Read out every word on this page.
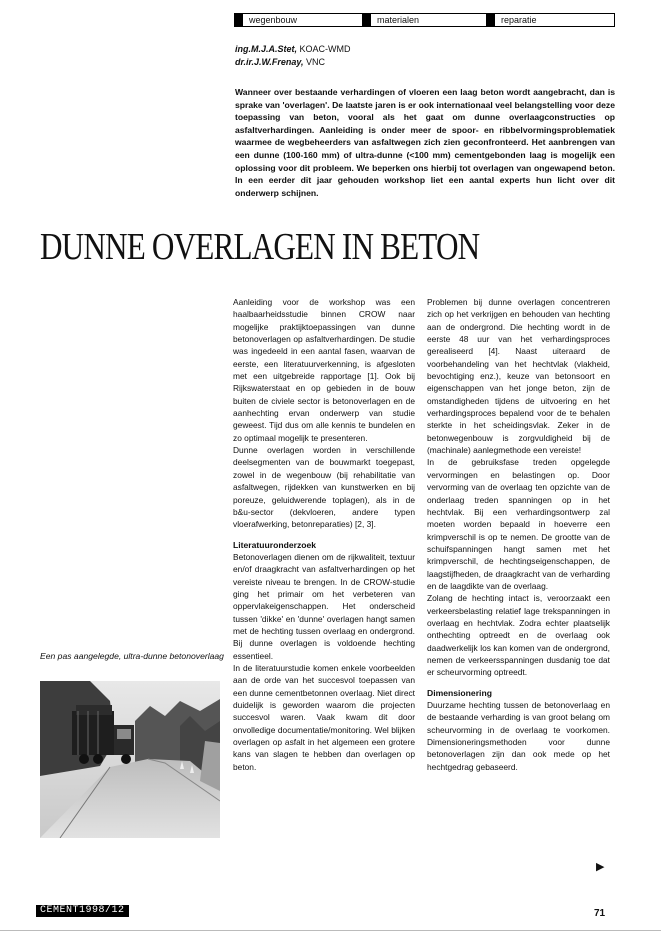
wegenbouw	materialen	reparatie
ing.M.J.A.Stet, KOAC-WMD
dr.ir.J.W.Frenay, VNC
Wanneer over bestaande verhardingen of vloeren een laag beton wordt aangebracht, dan is sprake van 'overlagen'. De laatste jaren is er ook internationaal veel belangstelling voor deze toepassing van beton, vooral als het gaat om dunne overlaagconstructies op asfaltverhardingen. Aanleiding is onder meer de spoor- en ribbelvormingsproblematiek waarmee de wegbeheerders van asfaltwegen zich zien geconfronteerd. Het aanbrengen van een dunne (100-160 mm) of ultra-dunne (<100 mm) cementgebonden laag is mogelijk een oplossing voor dit probleem. We beperken ons hierbij tot overlagen van ongewapend beton. In een eerder dit jaar gehouden workshop liet een aantal experts hun licht over dit onderwerp schijnen.
DUNNE OVERLAGEN IN BETON

Aanleiding voor de workshop was een haalbaarheidsstudie binnen CROW naar mogelijke praktijktoepassingen van dunne betonoverlagen op asfaltverhardingen. De studie was ingedeeld in een aantal fasen, waarvan de eerste, een literatuurverkenning, is afgesloten met een uitgebreide rapportage [1]. Ook bij Rijkswaterstaat en op gebieden in de bouw buiten de civiele sector is betonoverlagen en de aanhechting ervan onderwerp van studie geweest. Tijd dus om alle kennis te bundelen en zo optimaal mogelijk te presenteren.

Dunne overlagen worden in verschillende deelsegmenten van de bouwmarkt toegepast, zowel in de wegenbouw (bij rehabilitatie van asfaltwegen, rijdekken van kunstwerken en bij poreuze, geluidwerende toplagen), als in de b&u-sector (dekvloeren, andere typen vloerafwerking, betonreparaties) [2, 3].

Literatuuronderzoek

Betonoverlagen dienen om de rijkwaliteit, textuur en/of draagkracht van asfaltverhardingen op het vereiste niveau te brengen. In de CROW-studie ging het primair om het verbeteren van oppervlakeigenschappen. Het onderscheid tussen 'dikke' en 'dunne' overlagen hangt samen met de hechting tussen overlaag en ondergrond. Bij dunne overlagen is voldoende hechting essentieel.

In de literatuurstudie komen enkele voorbeelden aan de orde van het succesvol toepassen van een dunne cementbetonnen overlaag. Niet direct duidelijk is geworden waarom die projecten succesvol waren. Vaak kwam dit door onvolledige documentatie/monitoring. Wel blijken overlagen op asfalt in het algemeen een grotere kans van slagen te hebben dan overlagen op beton.

Problemen bij dunne overlagen concentreren zich op het verkrijgen en behouden van hechting aan de ondergrond. Die hechting wordt in de eerste 48 uur van het verhardingsproces gerealiseerd [4]. Naast uiteraard de voorbehandeling van het hechtvlak (vlakheid, bevochtiging enz.), keuze van betonsoort en eigenschappen van het jonge beton, zijn de omstandigheden tijdens de uitvoering en het verhardingsproces bepalend voor de te behalen sterkte in het scheidingsvlak. Zeker in de betonwegenbouw is zorgvuldigheid bij de (machinale) aanlegmethode een vereiste!

In de gebruiksfase treden opgelegde vervormingen en belastingen op. Door vervorming van de overlaag ten opzichte van de onderlaag treden spanningen op in het hechtvlak. Bij een verhardingsontwerp zal moeten worden bepaald in hoeverre een krimpverschil is op te nemen. De grootte van de schuifspanningen hangt samen met het krimpverschil, de hechtingseigenschappen, de laagstijfheden, de draagkracht van de verharding en de laagdikte van de overlaag.

Zolang de hechting intact is, veroorzaakt een verkeersbelasting relatief lage trekspanningen in overlaag en hechtvlak. Zodra echter plaatselijk onthechting optreedt en de overlaag ook daadwerkelijk los kan komen van de ondergrond, nemen de verkeersspanningen dusdanig toe dat er scheurvorming optreedt.

Dimensionering

Duurzame hechting tussen de betonoverlaag en de bestaande verharding is van groot belang om scheurvorming in de overlaag te voorkomen. Dimensioneringsmethoden voor dunne betonoverlagen zijn dan ook mede op het hechtgedrag gebaseerd.

Een pas aangelegde, ultra-dunne betonoverlaag
▶
CEMENT1998/12	71
